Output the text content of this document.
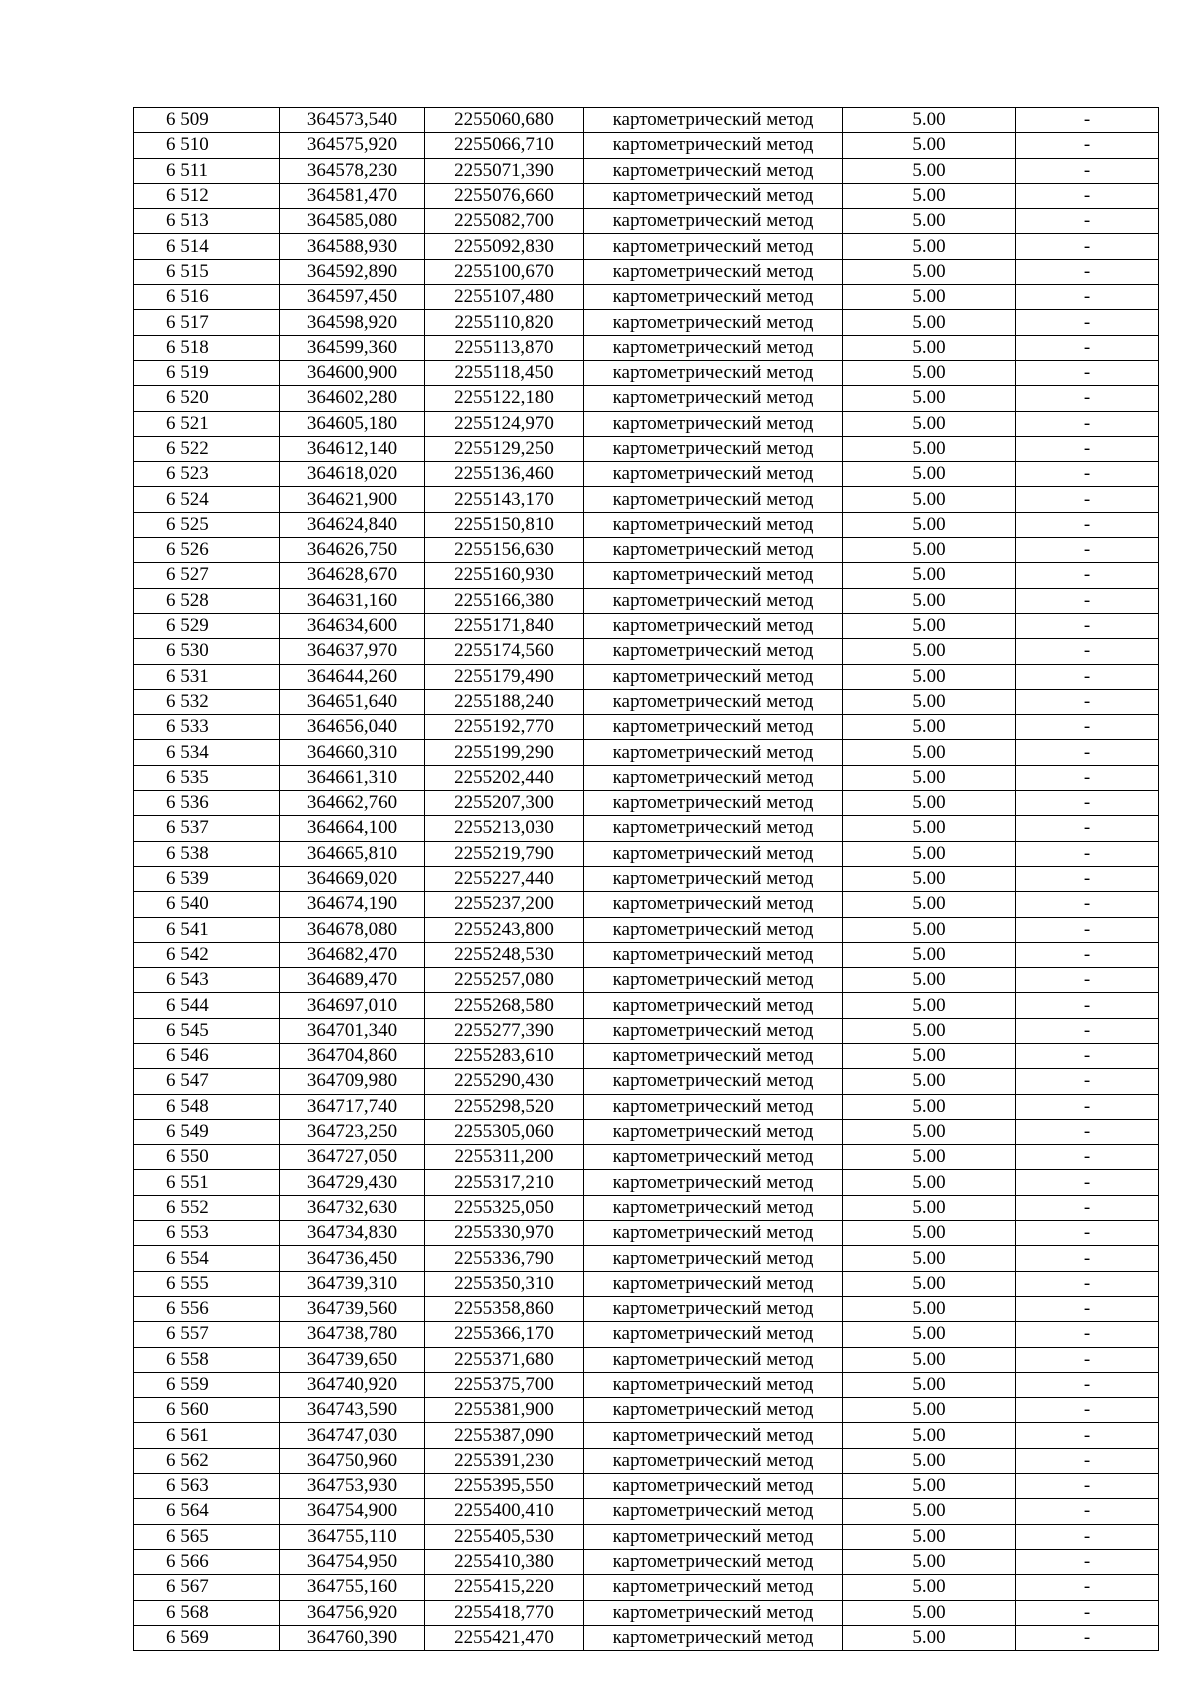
6 509	364573,540	2255060,680	картометрический метод	5.00	-
6 510	364575,920	2255066,710	картометрический метод	5.00	-
6 511	364578,230	2255071,390	картометрический метод	5.00	-
6 512	364581,470	2255076,660	картометрический метод	5.00	-
6 513	364585,080	2255082,700	картометрический метод	5.00	-
6 514	364588,930	2255092,830	картометрический метод	5.00	-
6 515	364592,890	2255100,670	картометрический метод	5.00	-
6 516	364597,450	2255107,480	картометрический метод	5.00	-
6 517	364598,920	2255110,820	картометрический метод	5.00	-
6 518	364599,360	2255113,870	картометрический метод	5.00	-
6 519	364600,900	2255118,450	картометрический метод	5.00	-
6 520	364602,280	2255122,180	картометрический метод	5.00	-
6 521	364605,180	2255124,970	картометрический метод	5.00	-
6 522	364612,140	2255129,250	картометрический метод	5.00	-
6 523	364618,020	2255136,460	картометрический метод	5.00	-
6 524	364621,900	2255143,170	картометрический метод	5.00	-
6 525	364624,840	2255150,810	картометрический метод	5.00	-
6 526	364626,750	2255156,630	картометрический метод	5.00	-
6 527	364628,670	2255160,930	картометрический метод	5.00	-
6 528	364631,160	2255166,380	картометрический метод	5.00	-
6 529	364634,600	2255171,840	картометрический метод	5.00	-
6 530	364637,970	2255174,560	картометрический метод	5.00	-
6 531	364644,260	2255179,490	картометрический метод	5.00	-
6 532	364651,640	2255188,240	картометрический метод	5.00	-
6 533	364656,040	2255192,770	картометрический метод	5.00	-
6 534	364660,310	2255199,290	картометрический метод	5.00	-
6 535	364661,310	2255202,440	картометрический метод	5.00	-
6 536	364662,760	2255207,300	картометрический метод	5.00	-
6 537	364664,100	2255213,030	картометрический метод	5.00	-
6 538	364665,810	2255219,790	картометрический метод	5.00	-
6 539	364669,020	2255227,440	картометрический метод	5.00	-
6 540	364674,190	2255237,200	картометрический метод	5.00	-
6 541	364678,080	2255243,800	картометрический метод	5.00	-
6 542	364682,470	2255248,530	картометрический метод	5.00	-
6 543	364689,470	2255257,080	картометрический метод	5.00	-
6 544	364697,010	2255268,580	картометрический метод	5.00	-
6 545	364701,340	2255277,390	картометрический метод	5.00	-
6 546	364704,860	2255283,610	картометрический метод	5.00	-
6 547	364709,980	2255290,430	картометрический метод	5.00	-
6 548	364717,740	2255298,520	картометрический метод	5.00	-
6 549	364723,250	2255305,060	картометрический метод	5.00	-
6 550	364727,050	2255311,200	картометрический метод	5.00	-
6 551	364729,430	2255317,210	картометрический метод	5.00	-
6 552	364732,630	2255325,050	картометрический метод	5.00	-
6 553	364734,830	2255330,970	картометрический метод	5.00	-
6 554	364736,450	2255336,790	картометрический метод	5.00	-
6 555	364739,310	2255350,310	картометрический метод	5.00	-
6 556	364739,560	2255358,860	картометрический метод	5.00	-
6 557	364738,780	2255366,170	картометрический метод	5.00	-
6 558	364739,650	2255371,680	картометрический метод	5.00	-
6 559	364740,920	2255375,700	картометрический метод	5.00	-
6 560	364743,590	2255381,900	картометрический метод	5.00	-
6 561	364747,030	2255387,090	картометрический метод	5.00	-
6 562	364750,960	2255391,230	картометрический метод	5.00	-
6 563	364753,930	2255395,550	картометрический метод	5.00	-
6 564	364754,900	2255400,410	картометрический метод	5.00	-
6 565	364755,110	2255405,530	картометрический метод	5.00	-
6 566	364754,950	2255410,380	картометрический метод	5.00	-
6 567	364755,160	2255415,220	картометрический метод	5.00	-
6 568	364756,920	2255418,770	картометрический метод	5.00	-
6 569	364760,390	2255421,470	картометрический метод	5.00	-
